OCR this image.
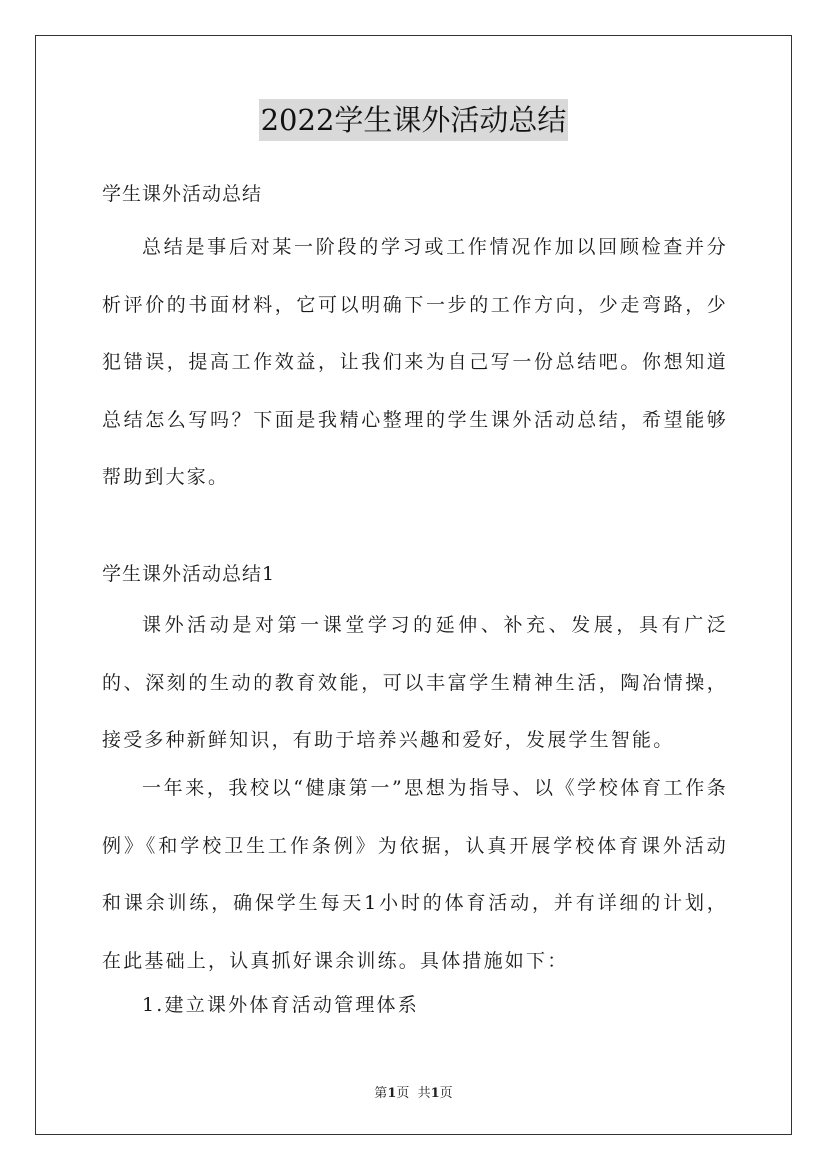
2022学生课外活动总结
学生课外活动总结

总结是事后对某一阶段的学习或工作情况作加以回顾检查并分析评价的书面材料，它可以明确下一步的工作方向，少走弯路，少犯错误，提高工作效益，让我们来为自己写一份总结吧。你想知道总结怎么写吗？下面是我精心整理的学生课外活动总结，希望能够帮助到大家。

学生课外活动总结1

课外活动是对第一课堂学习的延伸、补充、发展，具有广泛的、深刻的生动的教育效能，可以丰富学生精神生活，陶冶情操，接受多种新鲜知识，有助于培养兴趣和爱好，发展学生智能。

一年来，我校以“健康第一”思想为指导、以《学校体育工作条例》《和学校卫生工作条例》为依据，认真开展学校体育课外活动和课余训练，确保学生每天1小时的体育活动，并有详细的计划，在此基础上，认真抓好课余训练。具体措施如下：

1.建立课外体育活动管理体系

第1页  共1页
